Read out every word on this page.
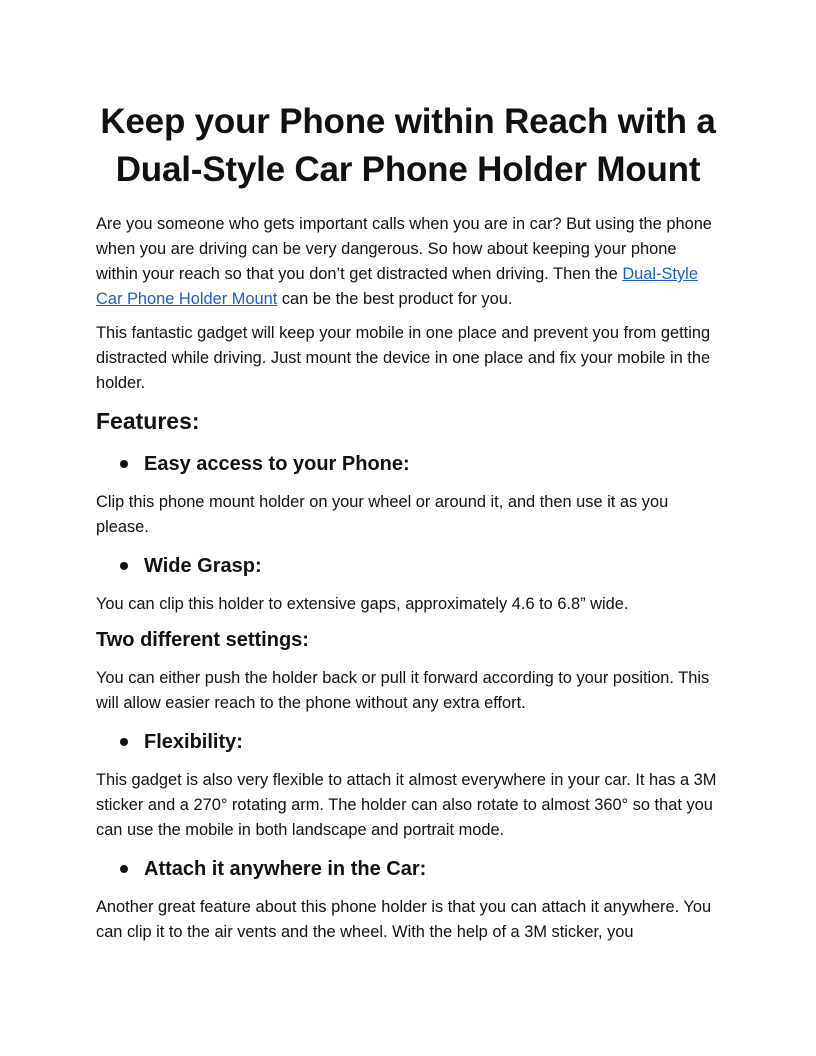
Keep your Phone within Reach with a Dual-Style Car Phone Holder Mount

Are you someone who gets important calls when you are in car? But using the phone when you are driving can be very dangerous. So how about keeping your phone within your reach so that you don’t get distracted when driving. Then the Dual-Style Car Phone Holder Mount can be the best product for you.

This fantastic gadget will keep your mobile in one place and prevent you from getting distracted while driving. Just mount the device in one place and fix your mobile in the holder.

Features:
Easy access to your Phone:

Clip this phone mount holder on your wheel or around it, and then use it as you please.

Wide Grasp:

You can clip this holder to extensive gaps, approximately 4.6 to 6.8” wide.

Two different settings:

You can either push the holder back or pull it forward according to your position. This will allow easier reach to the phone without any extra effort.

Flexibility:

This gadget is also very flexible to attach it almost everywhere in your car. It has a 3M sticker and a 270° rotating arm. The holder can also rotate to almost 360° so that you can use the mobile in both landscape and portrait mode.

Attach it anywhere in the Car:

Another great feature about this phone holder is that you can attach it anywhere. You can clip it to the air vents and the wheel. With the help of a 3M sticker, you
